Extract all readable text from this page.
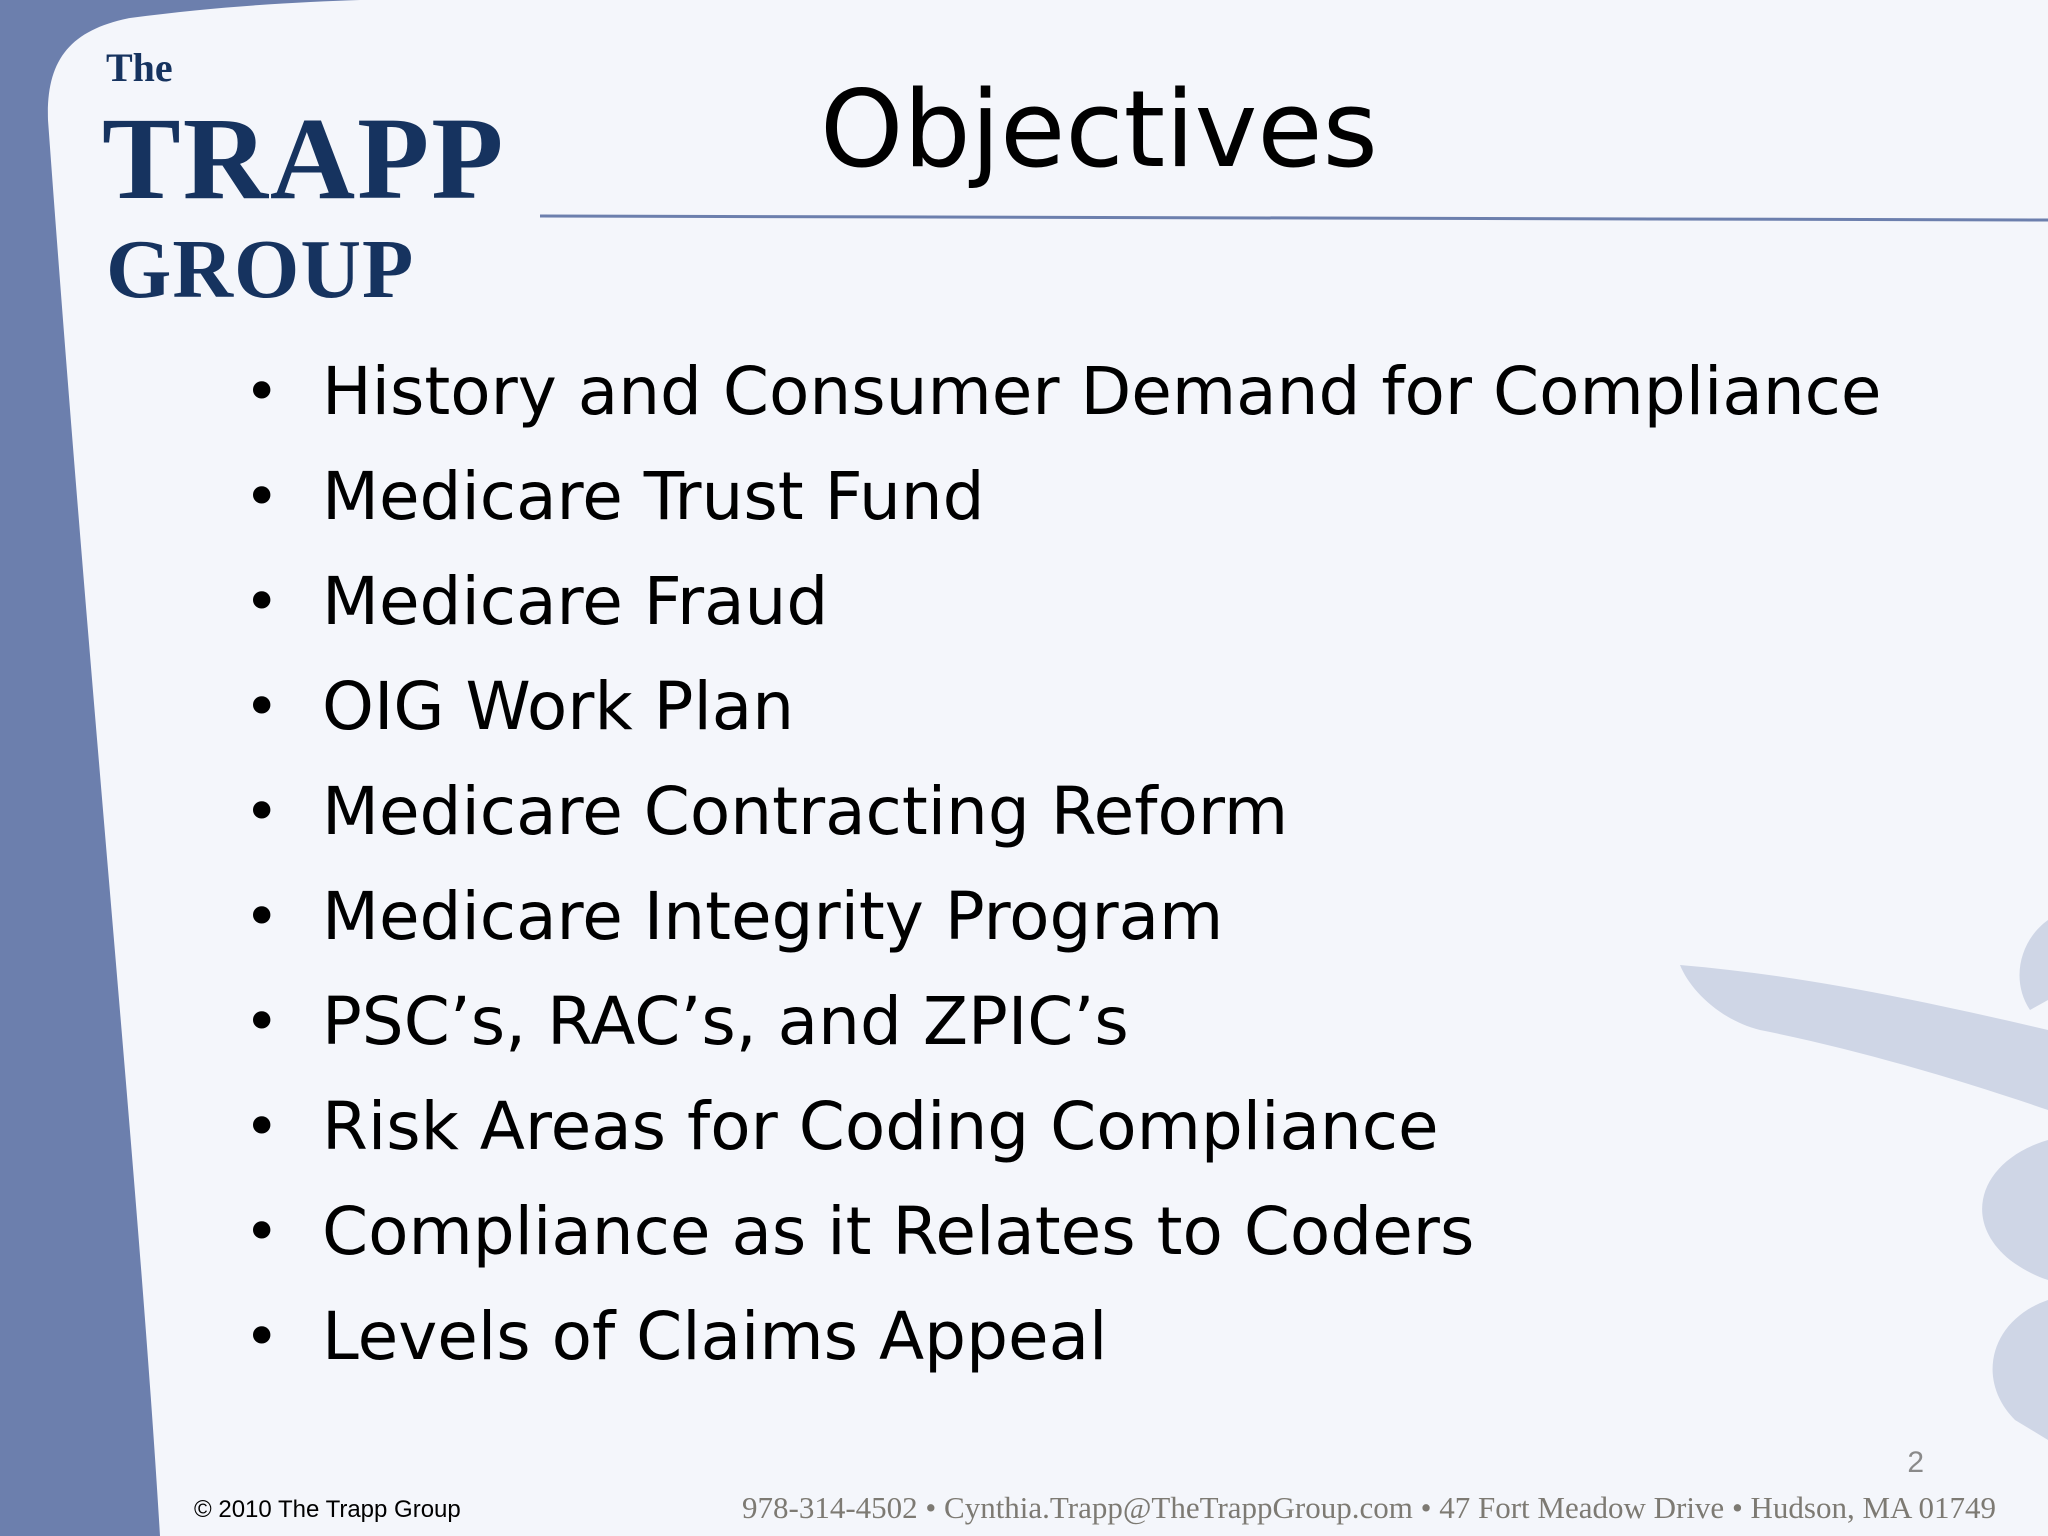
The
TRAPP
GROUP
Objectives
• History and Consumer Demand for Compliance
• Medicare Trust Fund
• Medicare Fraud
• OIG Work Plan
• Medicare Contracting Reform
• Medicare Integrity Program
• PSC’s, RAC’s, and ZPIC’s
• Risk Areas for Coding Compliance
• Compliance as it Relates to Coders
• Levels of Claims Appeal
2
© 2010 The Trapp Group	978-314-4502 • Cynthia.Trapp@TheTrappGroup.com • 47 Fort Meadow Drive • Hudson, MA 01749
